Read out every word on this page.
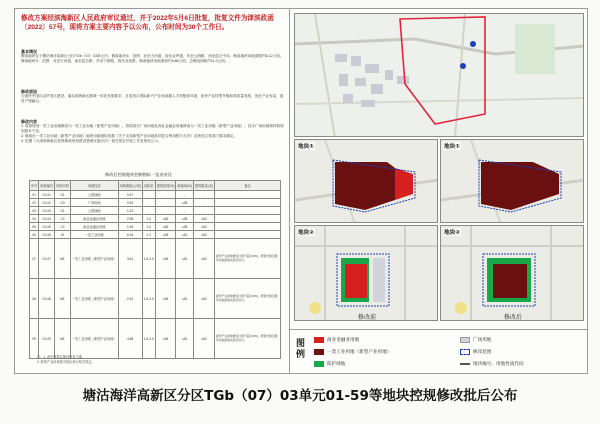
修改方案经滨海新区人民政府审议通过，并于2022年5月6日批复，批复文件为津滨政函〔2022〕57号，现将方案主要内容予以公布，公布时间为30个工作日。
基本情况
修改地块位于塘沽海洋高新区分区TGb（07）03单元内，修改地块①：范围：北至天河道，南至金坪道，东至云海路，西至昆仑中环。修改地块用地面积约6.12公顷。修改地块②：范围：北至天河道，南至昆仑路，东至于都路，西至北化路。修改地块用地面积约4.88公顷。总修改面积约11.0公顷。
修改原因
为加快中国自由贸易区建设，落实滨海新区港城一体化发展要求，打造适合国际新兴产业和高端人才的配套环境，加快产业转型升级和高质量发展，优化产业布局，促进产城融合。
修改内容
1. 将原规划一类工业用地修改为一类工业用地（新型产业用地），将原部分广场用地及商业金融业用地修改为一类工业用地（新型产业用地），其余广场用地保持原规划基本不变。
2. 修改后一类工业用地（新型产业用地）地块用地指标依据《关于支持新型产业用地高效复合利用暂行办法》及规划主管部门要求确定。
3. 依据《天津滨海新区控规修改规划建设管理实施办法》相关规定开展工作及规划公示。
修改后控规地块控制指标一览表对比
序号	地块编号	用地代码	用地性质	用地面积(公顷)	容积率	建筑密度(%)	绿地率(%)	建筑限高(米)	备注
01	01-01	G1	公园绿地	0.67	-	-	-	-	
02	01-02	G3	广场用地	0.52	-	-	≥35	-	
03	01-03	G1	公园绿地	1.23	-	-	-	-	
04	01-04	C2	商业金融业用地	2.96	1.5	≤45	≥35	≤60	
05	01-05	C2	商业金融业用地	1.63	1.5	≤45	≥35	≤60	
06	01-06	M	一类工业用地	6.16	1.2	≥35	≤15	≤50	
07	01-07	M1	一类工业用地（新型产业用地）	3.61	1.5-2.0	≥35	≤15	≤60	新型产业用地兼容比例不超过15%，配套设施及服务功能按相关规定执行。
08	01-08	M1	一类工业用地（新型产业用地）	2.51	1.5-2.0	≥35	≤15	≤60	新型产业用地兼容比例不超过15%，配套设施及服务功能按相关规定执行。
09	01-09	M1	一类工业用地（新型产业用地）	4.88	1.5-2.0	≥35	≤15	≤60	新型产业用地兼容比例不超过15%，配套设施及服务功能按相关规定执行。
注：1. 表中数据以最终批复为准。
2. 新型产业用地相关指标执行相关规定。
地块①	地块①
地块②
修改前
地块②
修改后
图例
商业金融业用地	广场用地
一类工业用地（新型产业用地）	修改范围
防护绿地	地块编号、用地性质代码
塘沽海洋高新区分区TGb（07）03单元01-59等地块控规修改批后公布
